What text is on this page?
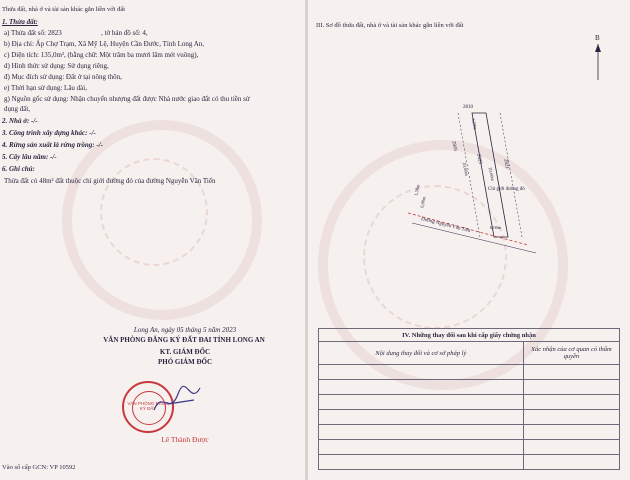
Thửa đất, nhà ở và tài sản khác gắn liền với đất
1. Thửa đất:
a) Thửa đất số: 2823	, tờ bản đồ số: 4,
b) Địa chỉ: Ấp Chợ Trạm, Xã Mỹ Lệ, Huyện Cần Đước, Tỉnh Long An,
c) Diện tích: 135,0m², (bằng chữ: Một trăm ba mươi lăm mét vuông),
d) Hình thức sử dụng: Sử dụng riêng,
đ) Mục đích sử dụng: Đất ở tại nông thôn,
e) Thời hạn sử dụng: Lâu dài,
g) Nguồn gốc sử dụng: Nhận chuyển nhượng đất được Nhà nước giao đất có thu tiền sử
dụng đất,
2. Nhà ở: -/-
3. Công trình xây dựng khác: -/-
4. Rừng sản xuất là rừng trồng: -/-
5. Cây lâu năm: -/-
6. Ghi chú:
Thửa đất có 48m² đất thuộc chỉ giới đường đỏ của đường Nguyễn Văn Tiến
Long An, ngày 05 tháng 5 năm 2023
VĂN PHÒNG ĐĂNG KÝ ĐẤT ĐAI TỈNH LONG AN
KT. GIÁM ĐỐC
PHÓ GIÁM ĐỐC
VĂN PHÒNG ĐĂNG KÝ ĐẤT
Lê Thành Được
Vào sổ cấp GCN: VP 10592
III. Sơ đồ thửa đất, nhà ở và tài sản khác gắn liền với đất
B
2810
2809
2823	2821
6,50m
20,60m	20,60m
1,50m
6,00m
6,00m
Chỉ giới đường đỏ
Đường Nguyễn Văn Tiến
IV. Những thay đổi sau khi cấp giấy chứng nhận	
Nội dung thay đổi và cơ sở pháp lý	Xác nhận của cơ quan có thẩm quyền
